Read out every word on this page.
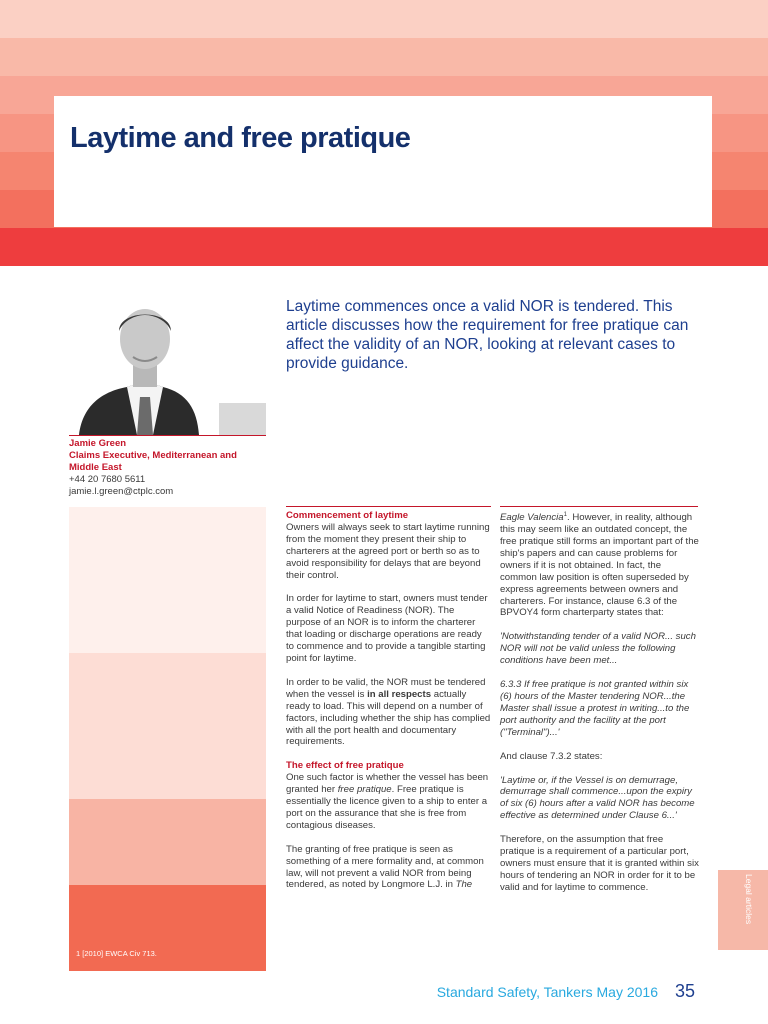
Laytime and free pratique

Laytime commences once a valid NOR is tendered. This article discusses how the requirement for free pratique can affect the validity of an NOR, looking at relevant cases to provide guidance.

Jamie Green
Claims Executive, Mediterranean and Middle East
+44 20 7680 5611
jamie.l.green@ctplc.com
1 [2010] EWCA Civ 713.
Commencement of laytime

Owners will always seek to start laytime running from the moment they present their ship to charterers at the agreed port or berth so as to avoid responsibility for delays that are beyond their control.

In order for laytime to start, owners must tender a valid Notice of Readiness (NOR). The purpose of an NOR is to inform the charterer that loading or discharge operations are ready to commence and to provide a tangible starting point for laytime.

In order to be valid, the NOR must be tendered when the vessel is in all respects actually ready to load. This will depend on a number of factors, including whether the ship has complied with all the port health and documentary requirements.

The effect of free pratique

One such factor is whether the vessel has been granted her free pratique. Free pratique is essentially the licence given to a ship to enter a port on the assurance that she is free from contagious diseases.

The granting of free pratique is seen as something of a mere formality and, at common law, will not prevent a valid NOR from being tendered, as noted by Longmore L.J. in The

Eagle Valencia$^1$. However, in reality, although this may seem like an outdated concept, the free pratique still forms an important part of the ship's papers and can cause problems for owners if it is not obtained. In fact, the common law position is often superseded by express agreements between owners and charterers. For instance, clause 6.3 of the BPVOY4 form charterparty states that:

'Notwithstanding tender of a valid NOR... such NOR will not be valid unless the following conditions have been met...

6.3.3 If free pratique is not granted within six (6) hours of the Master tendering NOR...the Master shall issue a protest in writing...to the port authority and the facility at the port ("Terminal")...'

And clause 7.3.2 states:

'Laytime or, if the Vessel is on demurrage, demurrage shall commence...upon the expiry of six (6) hours after a valid NOR has become effective as determined under Clause 6...'

Therefore, on the assumption that free pratique is a requirement of a particular port, owners must ensure that it is granted within six hours of tendering an NOR in order for it to be valid and for laytime to commence.	Legal articles
Standard Safety, Tankers May 2016 35
